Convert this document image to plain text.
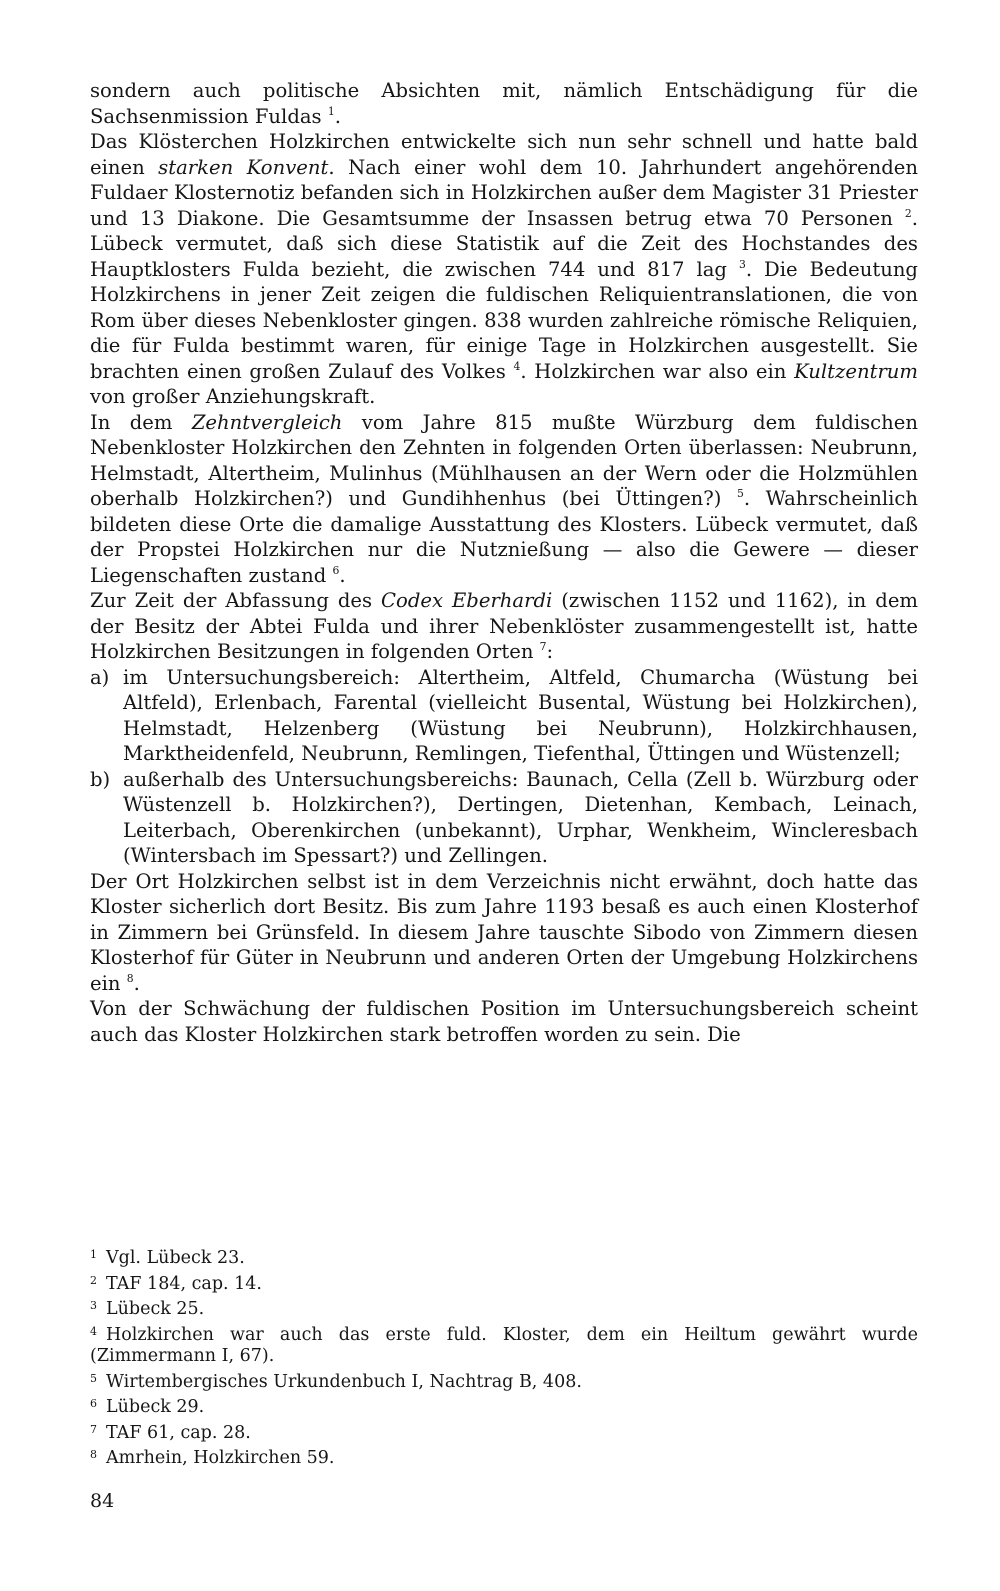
sondern auch politische Absichten mit, nämlich Entschädigung für die Sachsenmission Fuldas $^1$.

Das Klösterchen Holzkirchen entwickelte sich nun sehr schnell und hatte bald einen starken Konvent. Nach einer wohl dem 10. Jahrhundert angehörenden Fuldaer Klosternotiz befanden sich in Holzkirchen außer dem Magister 31 Priester und 13 Diakone. Die Gesamtsumme der Insassen betrug etwa 70 Personen $^2$. Lübeck vermutet, daß sich diese Statistik auf die Zeit des Hochstandes des Hauptklosters Fulda bezieht, die zwischen 744 und 817 lag $^3$. Die Bedeutung Holzkirchens in jener Zeit zeigen die fuldischen Reliquientranslationen, die von Rom über dieses Nebenkloster gingen. 838 wurden zahlreiche römische Reliquien, die für Fulda bestimmt waren, für einige Tage in Holzkirchen ausgestellt. Sie brachten einen großen Zulauf des Volkes $^4$. Holzkirchen war also ein Kultzentrum von großer Anziehungskraft.

In dem Zehntvergleich vom Jahre 815 mußte Würzburg dem fuldischen Nebenkloster Holzkirchen den Zehnten in folgenden Orten überlassen: Neubrunn, Helmstadt, Altertheim, Mulinhus (Mühlhausen an der Wern oder die Holzmühlen oberhalb Holzkirchen?) und Gundihhenhus (bei Üttingen?) $^5$. Wahrscheinlich bildeten diese Orte die damalige Ausstattung des Klosters. Lübeck vermutet, daß der Propstei Holzkirchen nur die Nutznießung — also die Gewere — dieser Liegenschaften zustand $^6$.

Zur Zeit der Abfassung des Codex Eberhardi (zwischen 1152 und 1162), in dem der Besitz der Abtei Fulda und ihrer Nebenklöster zusammengestellt ist, hatte Holzkirchen Besitzungen in folgenden Orten $^7$:

a) im Untersuchungsbereich: Altertheim, Altfeld, Chumarcha (Wüstung bei Altfeld), Erlenbach, Farental (vielleicht Busental, Wüstung bei Holzkirchen), Helmstadt, Helzenberg (Wüstung bei Neubrunn), Holzkirchhausen, Marktheidenfeld, Neubrunn, Remlingen, Tiefenthal, Üttingen und Wüstenzell;
b) außerhalb des Untersuchungsbereichs: Baunach, Cella (Zell b. Würzburg oder Wüstenzell b. Holzkirchen?), Dertingen, Dietenhan, Kembach, Leinach, Leiterbach, Oberenkirchen (unbekannt), Urphar, Wenkheim, Wincleresbach (Wintersbach im Spessart?) und Zellingen.

Der Ort Holzkirchen selbst ist in dem Verzeichnis nicht erwähnt, doch hatte das Kloster sicherlich dort Besitz. Bis zum Jahre 1193 besaß es auch einen Klosterhof in Zimmern bei Grünsfeld. In diesem Jahre tauschte Sibodo von Zimmern diesen Klosterhof für Güter in Neubrunn und anderen Orten der Umgebung Holzkirchens ein $^8$.

Von der Schwächung der fuldischen Position im Untersuchungsbereich scheint auch das Kloster Holzkirchen stark betroffen worden zu sein. Die

1 Vgl. Lübeck 23.

2 TAF 184, cap. 14.

3 Lübeck 25.

4 Holzkirchen war auch das erste fuld. Kloster, dem ein Heiltum gewährt wurde (Zimmermann I, 67).

5 Wirtembergisches Urkundenbuch I, Nachtrag B, 408.

6 Lübeck 29.

7 TAF 61, cap. 28.

8 Amrhein, Holzkirchen 59.

84
